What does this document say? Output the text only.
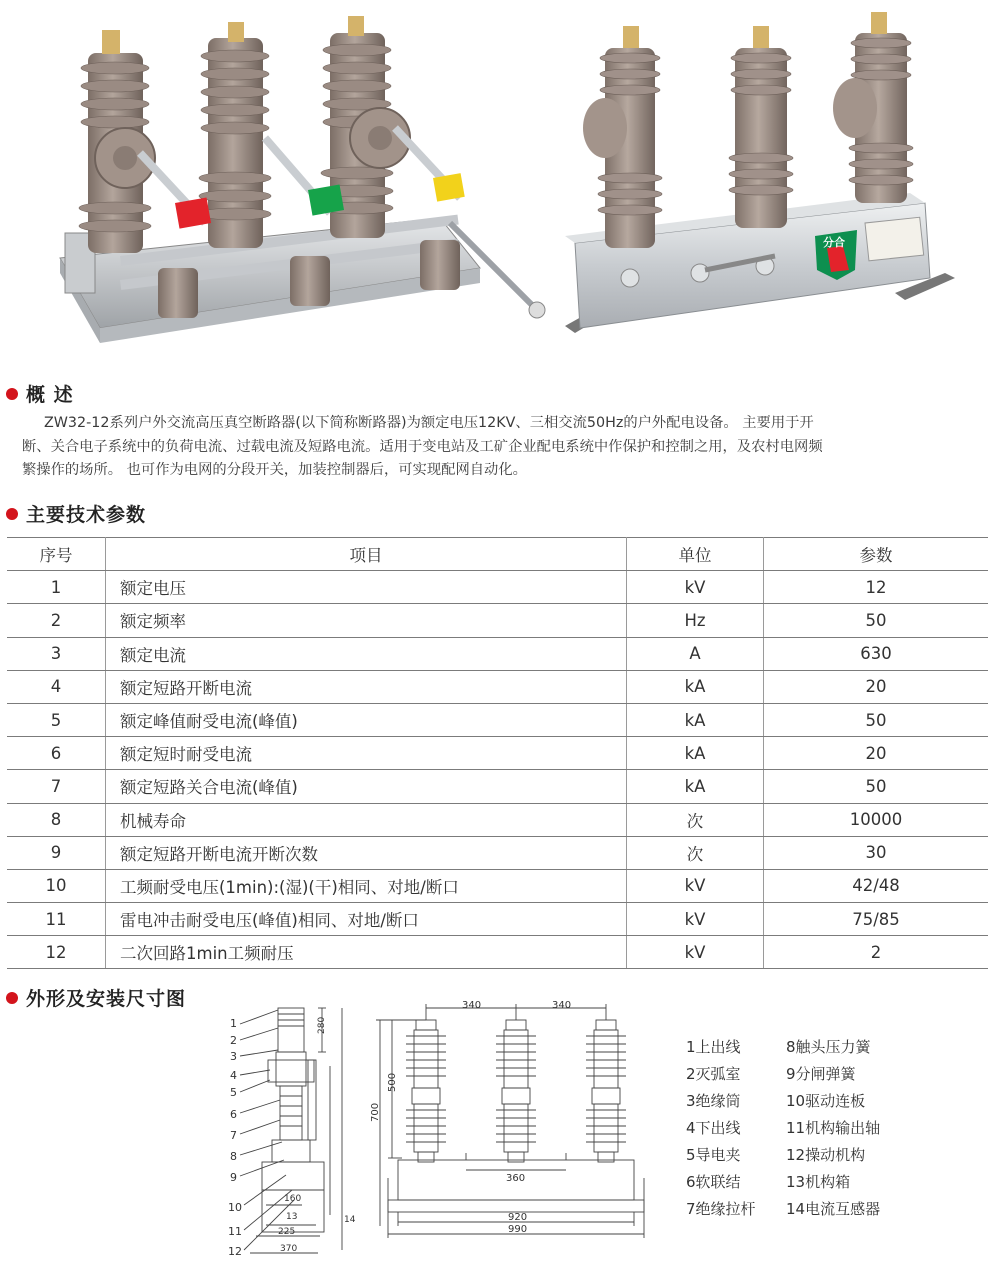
分合
概 述
ZW32-12系列户外交流高压真空断路器(以下简称断路器)为额定电压12KV、三相交流50Hz的户外配电设备。 主要用于开
断、关合电子系统中的负荷电流、过载电流及短路电流。适用于变电站及工矿企业配电系统中作保护和控制之用，及农村电网频
繁操作的场所。 也可作为电网的分段开关，加装控制器后，可实现配网自动化。
主要技术参数
序号	项目	单位	参数
1	额定电压	kV	12
2	额定频率	Hz	50
3	额定电流	A	630
4	额定短路开断电流	kA	20
5	额定峰值耐受电流(峰值)	kA	50
6	额定短时耐受电流	kA	20
7	额定短路关合电流(峰值)	kA	50
8	机械寿命	次	10000
9	额定短路开断电流开断次数	次	30
10	工频耐受电压(1min):(湿)(干)相同、对地/断口	kV	42/48
11	雷电冲击耐受电压(峰值)相同、对地/断口	kV	75/85
12	二次回路1min工频耐压	kV	2
外形及安装尺寸图
1
2
3
4
5
6
7
8
9
10
11
12
280
160
13
225
370
14
340	340
500
700
360
920
990
1上出线	8触头压力簧
2灭弧室	9分闸弹簧
3绝缘筒	10驱动连板
4下出线	11机构输出轴
5导电夹	12操动机构
6软联结	13机构箱
7绝缘拉杆	14电流互感器
